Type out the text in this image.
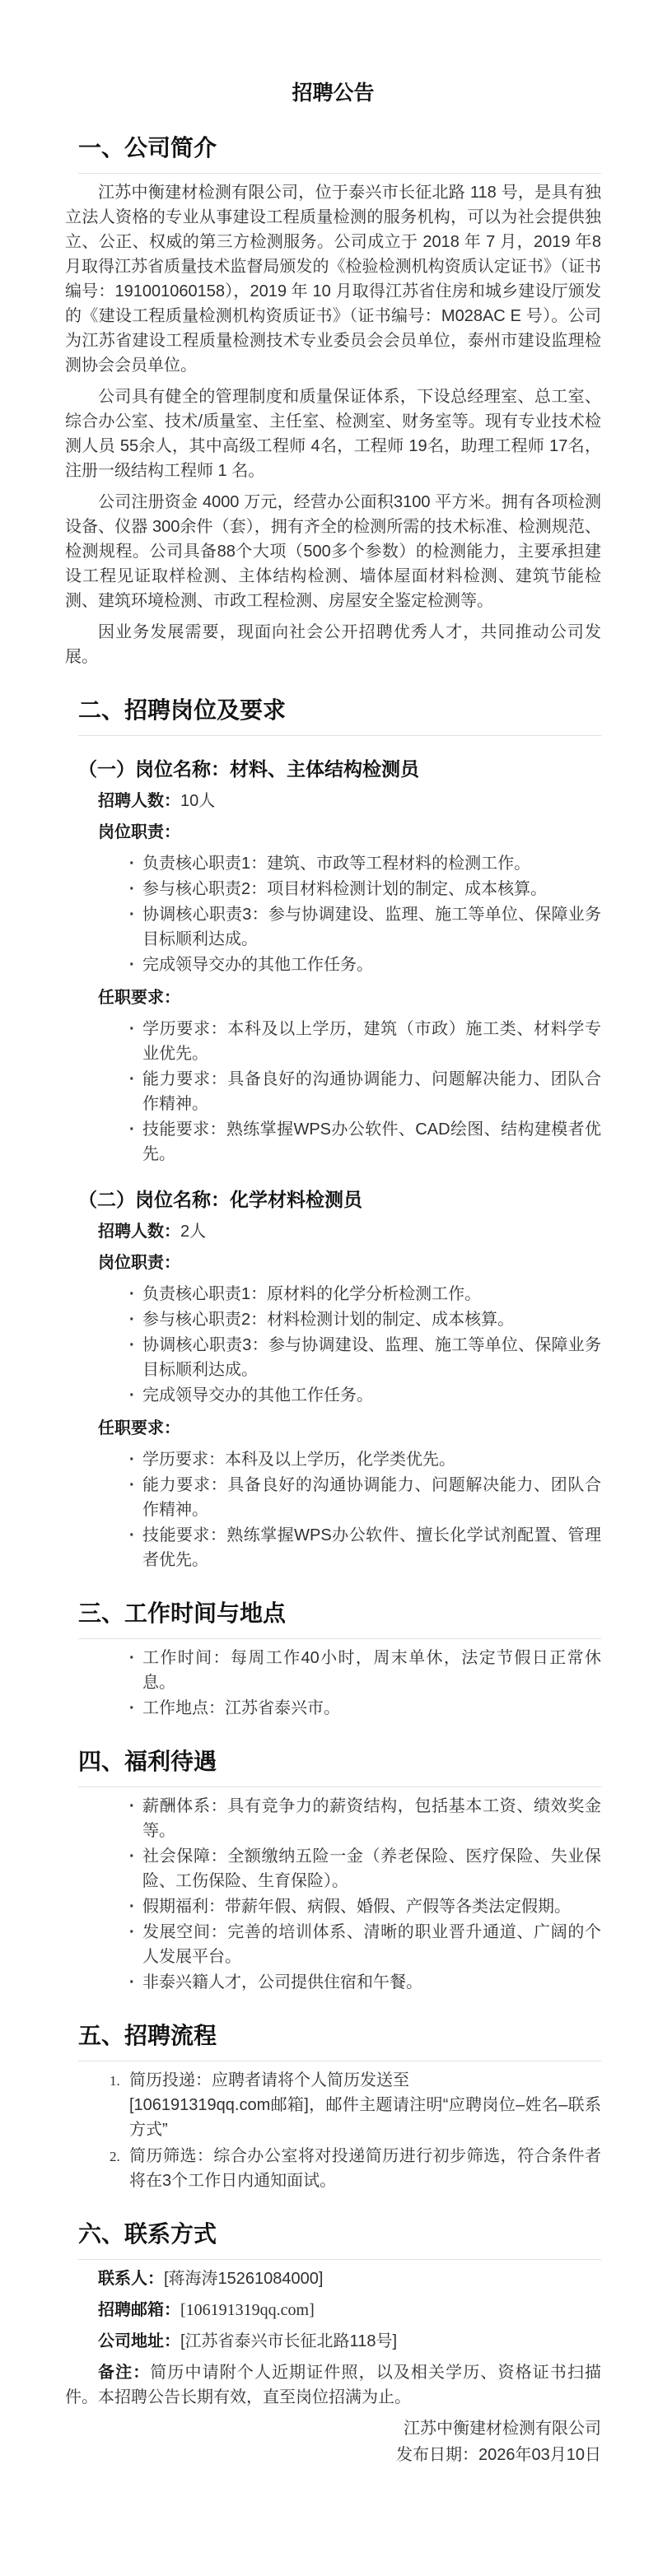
招聘公告
一、公司简介

江苏中衡建材检测有限公司，位于泰兴市长征北路 118 号，是具有独立法人资格的专业从事建设工程质量检测的服务机构，可以为社会提供独立、公正、权威的第三方检测服务。公司成立于 2018 年 7 月，2019 年8 月取得江苏省质量技术监督局颁发的《检验检测机构资质认定证书》（证书编号：191001060158），2019 年 10 月取得江苏省住房和城乡建设厅颁发的《建设工程质量检测机构资质证书》（证书编号：M028AC E 号）。公司为江苏省建设工程质量检测技术专业委员会会员单位，泰州市建设监理检测协会会员单位。

公司具有健全的管理制度和质量保证体系，下设总经理室、总工室、综合办公室、技术/质量室、主任室、检测室、财务室等。现有专业技术检测人员 55余人，其中高级工程师 4名，工程师 19名，助理工程师 17名，注册一级结构工程师 1 名。

公司注册资金 4000 万元，经营办公面积3100 平方米。拥有各项检测设备、仪器 300余件（套），拥有齐全的检测所需的技术标准、检测规范、检测规程。公司具备88个大项（500多个参数）的检测能力，主要承担建设工程见证取样检测、主体结构检测、墙体屋面材料检测、建筑节能检测、建筑环境检测、市政工程检测、房屋安全鉴定检测等。

因业务发展需要，现面向社会公开招聘优秀人才，共同推动公司发展。

二、招聘岗位及要求
（一）岗位名称：材料、主体结构检测员

招聘人数：10人

岗位职责：

· 负责核心职责1：建筑、市政等工程材料的检测工作。
· 参与核心职责2：项目材料检测计划的制定、成本核算。
· 协调核心职责3：参与协调建设、监理、施工等单位、保障业务目标顺利达成。
· 完成领导交办的其他工作任务。

任职要求：

· 学历要求：本科及以上学历，建筑（市政）施工类、材料学专业优先。
· 能力要求：具备良好的沟通协调能力、问题解决能力、团队合作精神。
· 技能要求：熟练掌握WPS办公软件、CAD绘图、结构建模者优先。
（二）岗位名称：化学材料检测员

招聘人数：2人

岗位职责：

· 负责核心职责1：原材料的化学分析检测工作。
· 参与核心职责2：材料检测计划的制定、成本核算。
· 协调核心职责3：参与协调建设、监理、施工等单位、保障业务目标顺利达成。
· 完成领导交办的其他工作任务。

任职要求：

· 学历要求：本科及以上学历，化学类优先。
· 能力要求：具备良好的沟通协调能力、问题解决能力、团队合作精神。
· 技能要求：熟练掌握WPS办公软件、擅长化学试剂配置、管理者优先。
三、工作时间与地点
· 工作时间：每周工作40小时，周末单休，法定节假日正常休息。
· 工作地点：江苏省泰兴市。
四、福利待遇
· 薪酬体系：具有竞争力的薪资结构，包括基本工资、绩效奖金等。
· 社会保障：全额缴纳五险一金（养老保险、医疗保险、失业保险、工伤保险、生育保险）。
· 假期福利：带薪年假、病假、婚假、产假等各类法定假期。
· 发展空间：完善的培训体系、清晰的职业晋升通道、广阔的个人发展平台。
· 非泰兴籍人才，公司提供住宿和午餐。
五、招聘流程
简历投递：应聘者请将个人简历发送至
[106191319qq.com邮箱]，邮件主题请注明“应聘岗位–姓名–联系方式”
简历筛选：综合办公室将对投递简历进行初步筛选，符合条件者将在3个工作日内通知面试。
六、联系方式

联系人：[蒋海涛15261084000]

招聘邮箱：[106191319qq.com]

公司地址：[江苏省泰兴市长征北路118号]

备注：简历中请附个人近期证件照，以及相关学历、资格证书扫描件。本招聘公告长期有效，直至岗位招满为止。

江苏中衡建材检测有限公司

发布日期：2026年03月10日
